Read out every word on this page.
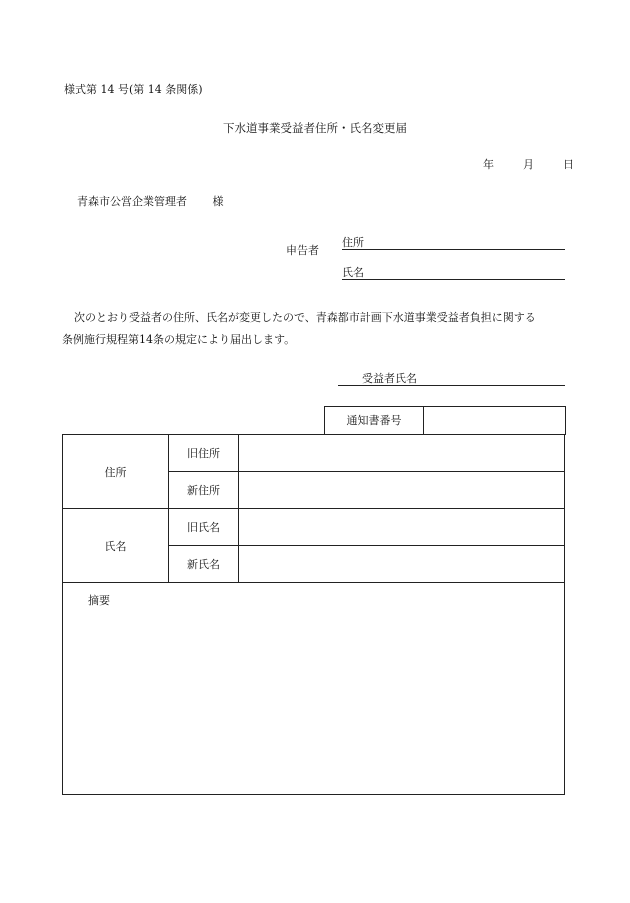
様式第 14 号(第 14 条関係)
下水道事業受益者住所・氏名変更届
年	月	日
青森市公営企業管理者 様
申告者
住所
氏名
次のとおり受益者の住所、氏名が変更したので、青森都市計画下水道事業受益者負担に関する
条例施行規程第14条の規定により届出します。
受益者氏名
通知書番号
住所	旧住所	
	新住所	
氏名	旧氏名	
	新氏名	
摘要		
